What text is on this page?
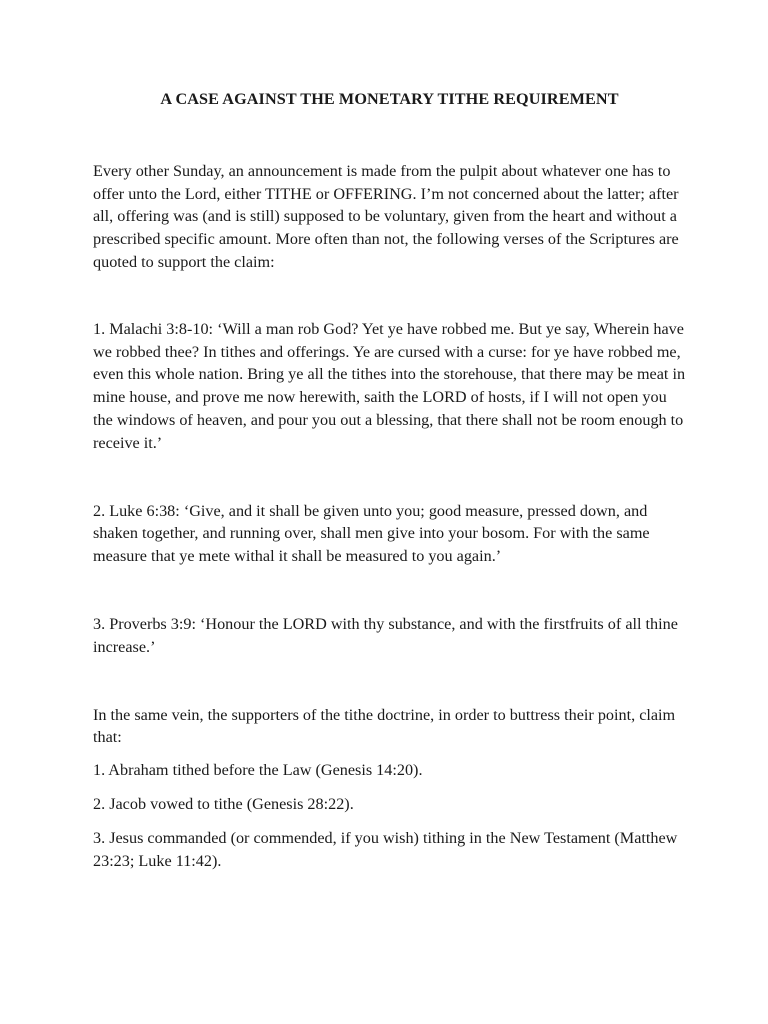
A CASE AGAINST THE MONETARY TITHE REQUIREMENT

Every other Sunday, an announcement is made from the pulpit about whatever one has to offer unto the Lord, either TITHE or OFFERING. I’m not concerned about the latter; after all, offering was (and is still) supposed to be voluntary, given from the heart and without a prescribed specific amount. More often than not, the following verses of the Scriptures are quoted to support the claim:

1. Malachi 3:8-10: ‘Will a man rob God? Yet ye have robbed me. But ye say, Wherein have we robbed thee? In tithes and offerings. Ye are cursed with a curse: for ye have robbed me, even this whole nation. Bring ye all the tithes into the storehouse, that there may be meat in mine house, and prove me now herewith, saith the LORD of hosts, if I will not open you the windows of heaven, and pour you out a blessing, that there shall not be room enough to receive it.’

2. Luke 6:38: ‘Give, and it shall be given unto you; good measure, pressed down, and shaken together, and running over, shall men give into your bosom. For with the same measure that ye mete withal it shall be measured to you again.’

3. Proverbs 3:9: ‘Honour the LORD with thy substance, and with the firstfruits of all thine increase.’

In the same vein, the supporters of the tithe doctrine, in order to buttress their point, claim that:

1. Abraham tithed before the Law (Genesis 14:20).
2. Jacob vowed to tithe (Genesis 28:22).
3. Jesus commanded (or commended, if you wish) tithing in the New Testament (Matthew 23:23; Luke 11:42).
